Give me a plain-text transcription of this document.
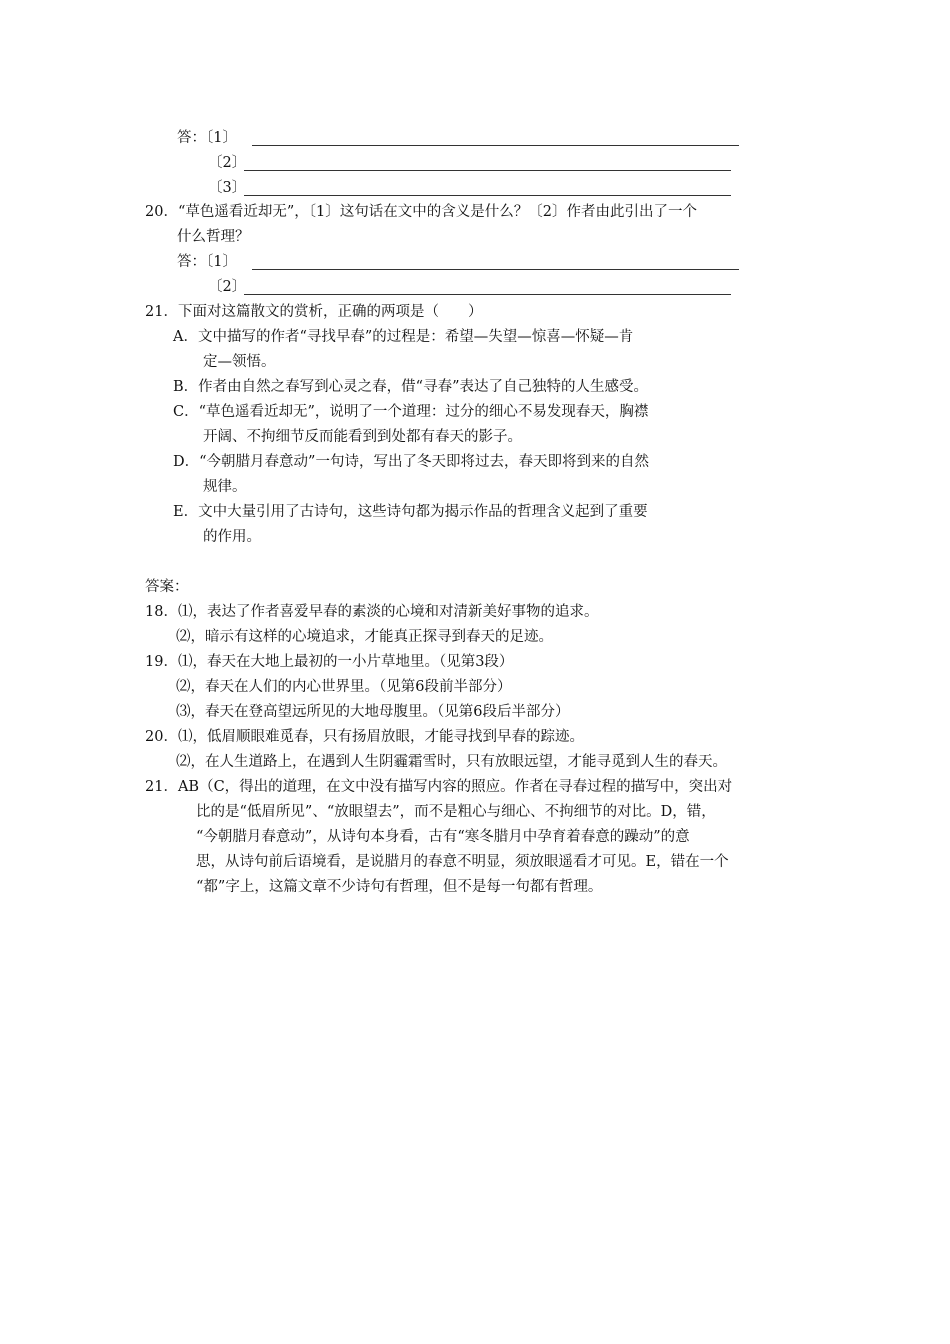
答：〔1〕
〔2〕
〔3〕
20．“草色遥看近却无”，〔1〕这句话在文中的含义是什么？〔2〕作者由此引出了一个
什么哲理？
答：〔1〕
〔2〕
21．下面对这篇散文的赏析，正确的两项是（　　）
A．文中描写的作者“寻找早春”的过程是：希望—失望—惊喜—怀疑—肯
定—领悟。
B．作者由自然之春写到心灵之春，借“寻春”表达了自己独特的人生感受。
C．“草色遥看近却无”，说明了一个道理：过分的细心不易发现春天，胸襟
开阔、不拘细节反而能看到到处都有春天的影子。
D．“今朝腊月春意动”一句诗，写出了冬天即将过去，春天即将到来的自然
规律。
E．文中大量引用了古诗句，这些诗句都为揭示作品的哲理含义起到了重要
的作用。
答案：
18．⑴，表达了作者喜爱早春的素淡的心境和对清新美好事物的追求。
⑵，暗示有这样的心境追求，才能真正探寻到春天的足迹。
19．⑴，春天在大地上最初的一小片草地里。（见第3段）
⑵，春天在人们的内心世界里。（见第6段前半部分）
⑶，春天在登高望远所见的大地母腹里。（见第6段后半部分）
20．⑴，低眉顺眼难觅春，只有扬眉放眼，才能寻找到早春的踪迹。
⑵，在人生道路上，在遇到人生阴霾霜雪时，只有放眼远望，才能寻觅到人生的春天。
21．AB（C，得出的道理，在文中没有描写内容的照应。作者在寻春过程的描写中，突出对
比的是“低眉所见”、“放眼望去”，而不是粗心与细心、不拘细节的对比。D，错，
“今朝腊月春意动”，从诗句本身看，古有“寒冬腊月中孕育着春意的躁动”的意
思，从诗句前后语境看，是说腊月的春意不明显，须放眼遥看才可见。E，错在一个
“都”字上，这篇文章不少诗句有哲理，但不是每一句都有哲理。
